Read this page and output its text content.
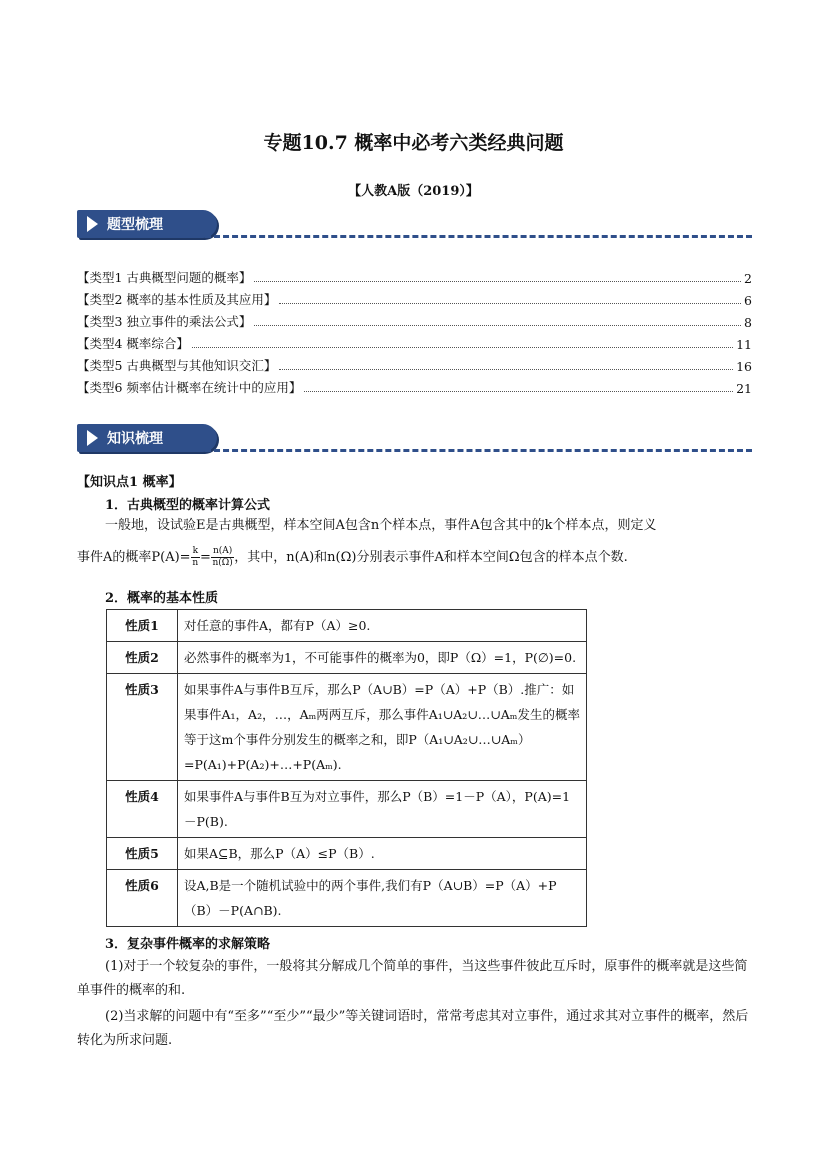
专题10.7 概率中必考六类经典问题
【人教A版（2019）】
题型梳理
【类型1 古典概型问题的概率】	2
【类型2 概率的基本性质及其应用】	6
【类型3 独立事件的乘法公式】	8
【类型4 概率综合】	11
【类型5 古典概型与其他知识交汇】	16
【类型6 频率估计概率在统计中的应用】	21
知识梳理
【知识点1 概率】
1．古典概型的概率计算公式
一般地，设试验E是古典概型，样本空间A包含n个样本点，事件A包含其中的k个样本点，则定义
事件A的概率$P(A)= \frac{k}{n} = \frac{n(A)}{n(\Omega)}$ ，其中，n(A)和n(Ω)分别表示事件A和样本空间Ω包含的样本点个数.
2．概率的基本性质
性质1	对任意的事件A，都有P（A）≥0.
性质2	必然事件的概率为1，不可能事件的概率为0，即P（Ω）=1，P(∅)=0.
性质3	如果事件A与事件B互斥，那么P（A∪B）=P（A）+P（B）.推广：如果事件A₁，A₂，…，Aₘ两两互斥，那么事件A₁∪A₂∪…∪Aₘ发生的概率等于这m个事件分别发生的概率之和，即P（A₁∪A₂∪…∪Aₘ）=P(A₁)+P(A₂)+…+P(Aₘ).
性质4	如果事件A与事件B互为对立事件，那么P（B）=1－P（A），P(A)=1－P(B).
性质5	如果A⊆B，那么P（A）≤P（B）.
性质6	设A,B是一个随机试验中的两个事件,我们有P（A∪B）=P（A）+P（B）－P(A∩B).
3．复杂事件概率的求解策略
(1)对于一个较复杂的事件，一般将其分解成几个简单的事件，当这些事件彼此互斥时，原事件的概率就是这些简单事件的概率的和.
(2)当求解的问题中有“至多”“至少”“最少”等关键词语时，常常考虑其对立事件，通过求其对立事件的概率，然后转化为所求问题.
